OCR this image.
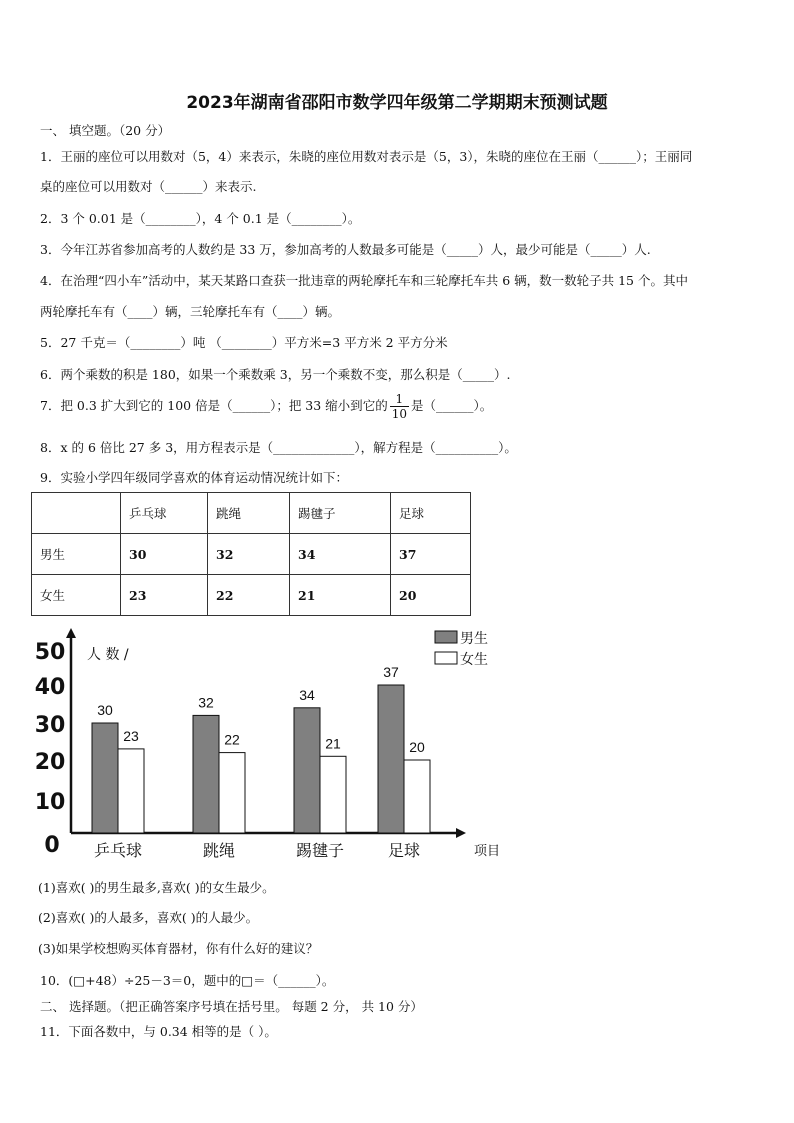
2023年湖南省邵阳市数学四年级第二学期期末预测试题
一、 填空题。（20 分）
1．王丽的座位可以用数对（5，4）来表示，朱晓的座位用数对表示是（5，3），朱晓的座位在王丽（______）；王丽同
桌的座位可以用数对（______）来表示.
2．3 个 0.01 是（________），4 个 0.1 是（________）。
3．今年江苏省参加高考的人数约是 33 万，参加高考的人数最多可能是（_____）人，最少可能是（_____）人.
4．在治理“四小车”活动中，某天某路口查获一批违章的两轮摩托车和三轮摩托车共 6 辆，数一数轮子共 15 个。其中
两轮摩托车有（____）辆，三轮摩托车有（____）辆。
5．27 千克＝（________）吨 （________）平方米=3 平方米 2 平方分米
6．两个乘数的积是 180，如果一个乘数乘 3，另一个乘数不变，那么积是（_____）.
7．把 0.3 扩大到它的 100 倍是（______）；把 33 缩小到它的 $\frac{1}{10}$ 是（______）。
8．x 的 6 倍比 27 多 3，用方程表示是（_____________），解方程是（__________）。
9．实验小学四年级同学喜欢的体育运动情况统计如下：
	乒乓球	跳绳	踢毽子	足球
男生	30	32	34	37
女生	23	22	21	20
0
10
20
30
40
50 人 数 /
30
23
乒乓球
32
22
跳绳
34
21
踢毽子
37
20
足球	项目
男生
女生
(1)喜欢( )的男生最多,喜欢( )的女生最少。
(2)喜欢( )的人最多，喜欢( )的人最少。
(3)如果学校想购买体育器材，你有什么好的建议？
10．(□+48）÷25－3＝0，题中的□＝（______）。
二、 选择题。（把正确答案序号填在括号里。 每题 2 分， 共 10 分）
11．下面各数中，与 0.34 相等的是（ ）。
